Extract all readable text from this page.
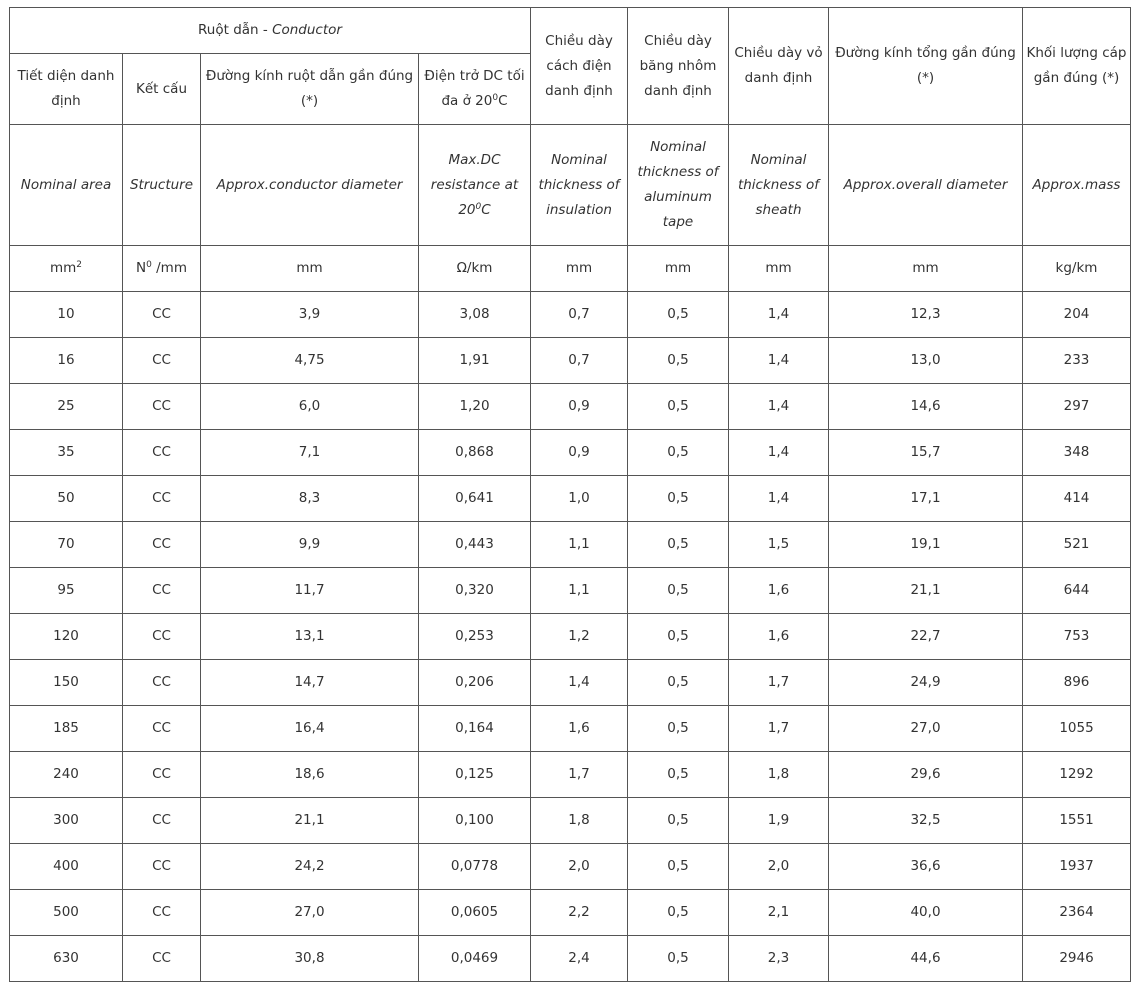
Ruột dẫn - Conductor				Chiều dày cách điện danh định	Chiều dày băng nhôm danh định	Chiều dày vỏ danh định	Đường kính tổng gần đúng (*)	Khối lượng cáp gần đúng (*)
Tiết diện danh định	Kết cấu	Đường kính ruột dẫn gần đúng (*)	Điện trở DC tối đa ở $20^0C$					
Nominal area	Structure	Approx.conductor diameter	Max.DC resistance at $20^0C$	Nominal thickness of insulation	Nominal thickness of aluminum tape	Nominal thickness of sheath	Approx.overall diameter	Approx.mass
$mm^2$	$N^0$ /mm	mm	Ω/km	mm	mm	mm	mm	kg/km
10	CC	3,9	3,08	0,7	0,5	1,4	12,3	204
16	CC	4,75	1,91	0,7	0,5	1,4	13,0	233
25	CC	6,0	1,20	0,9	0,5	1,4	14,6	297
35	CC	7,1	0,868	0,9	0,5	1,4	15,7	348
50	CC	8,3	0,641	1,0	0,5	1,4	17,1	414
70	CC	9,9	0,443	1,1	0,5	1,5	19,1	521
95	CC	11,7	0,320	1,1	0,5	1,6	21,1	644
120	CC	13,1	0,253	1,2	0,5	1,6	22,7	753
150	CC	14,7	0,206	1,4	0,5	1,7	24,9	896
185	CC	16,4	0,164	1,6	0,5	1,7	27,0	1055
240	CC	18,6	0,125	1,7	0,5	1,8	29,6	1292
300	CC	21,1	0,100	1,8	0,5	1,9	32,5	1551
400	CC	24,2	0,0778	2,0	0,5	2,0	36,6	1937
500	CC	27,0	0,0605	2,2	0,5	2,1	40,0	2364
630	CC	30,8	0,0469	2,4	0,5	2,3	44,6	2946
